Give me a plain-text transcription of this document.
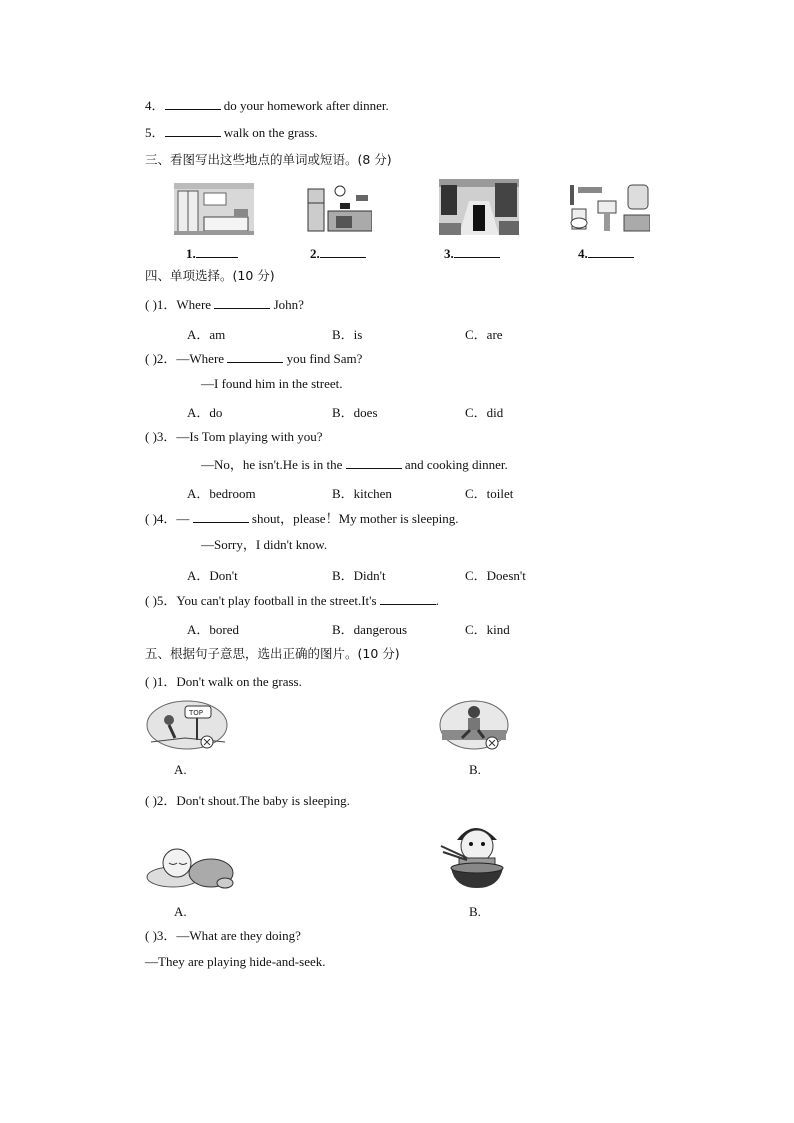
4．	do your homework after dinner.
5．	walk on the grass.
三、看图写出这些地点的单词或短语。(8 分)
1.	2.	3.	4.
四、单项选择。(10 分)
( )1．Where	John?
A．am	B．is	C．are
( )2．—Where	you find Sam?
—I found him in the street.
A．do	B．does	C．did
( )3．—Is Tom playing with you?
—No，he isn't.He is in the	and cooking dinner.
A．bedroom	B．kitchen	C．toilet
( )4．—	shout，please！My mother is sleeping.
—Sorry，I didn't know.
A．Don't	B．Didn't	C．Doesn't
( )5．You can't play football in the street.It's	.
A．bored	B．dangerous	C．kind
五、根据句子意思，选出正确的图片。(10 分)
( )1．Don't walk on the grass.
TOP
A.	B.
( )2．Don't shout.The baby is sleeping.
A.	B.
( )3．—What are they doing?
—They are playing hide-and-seek.
